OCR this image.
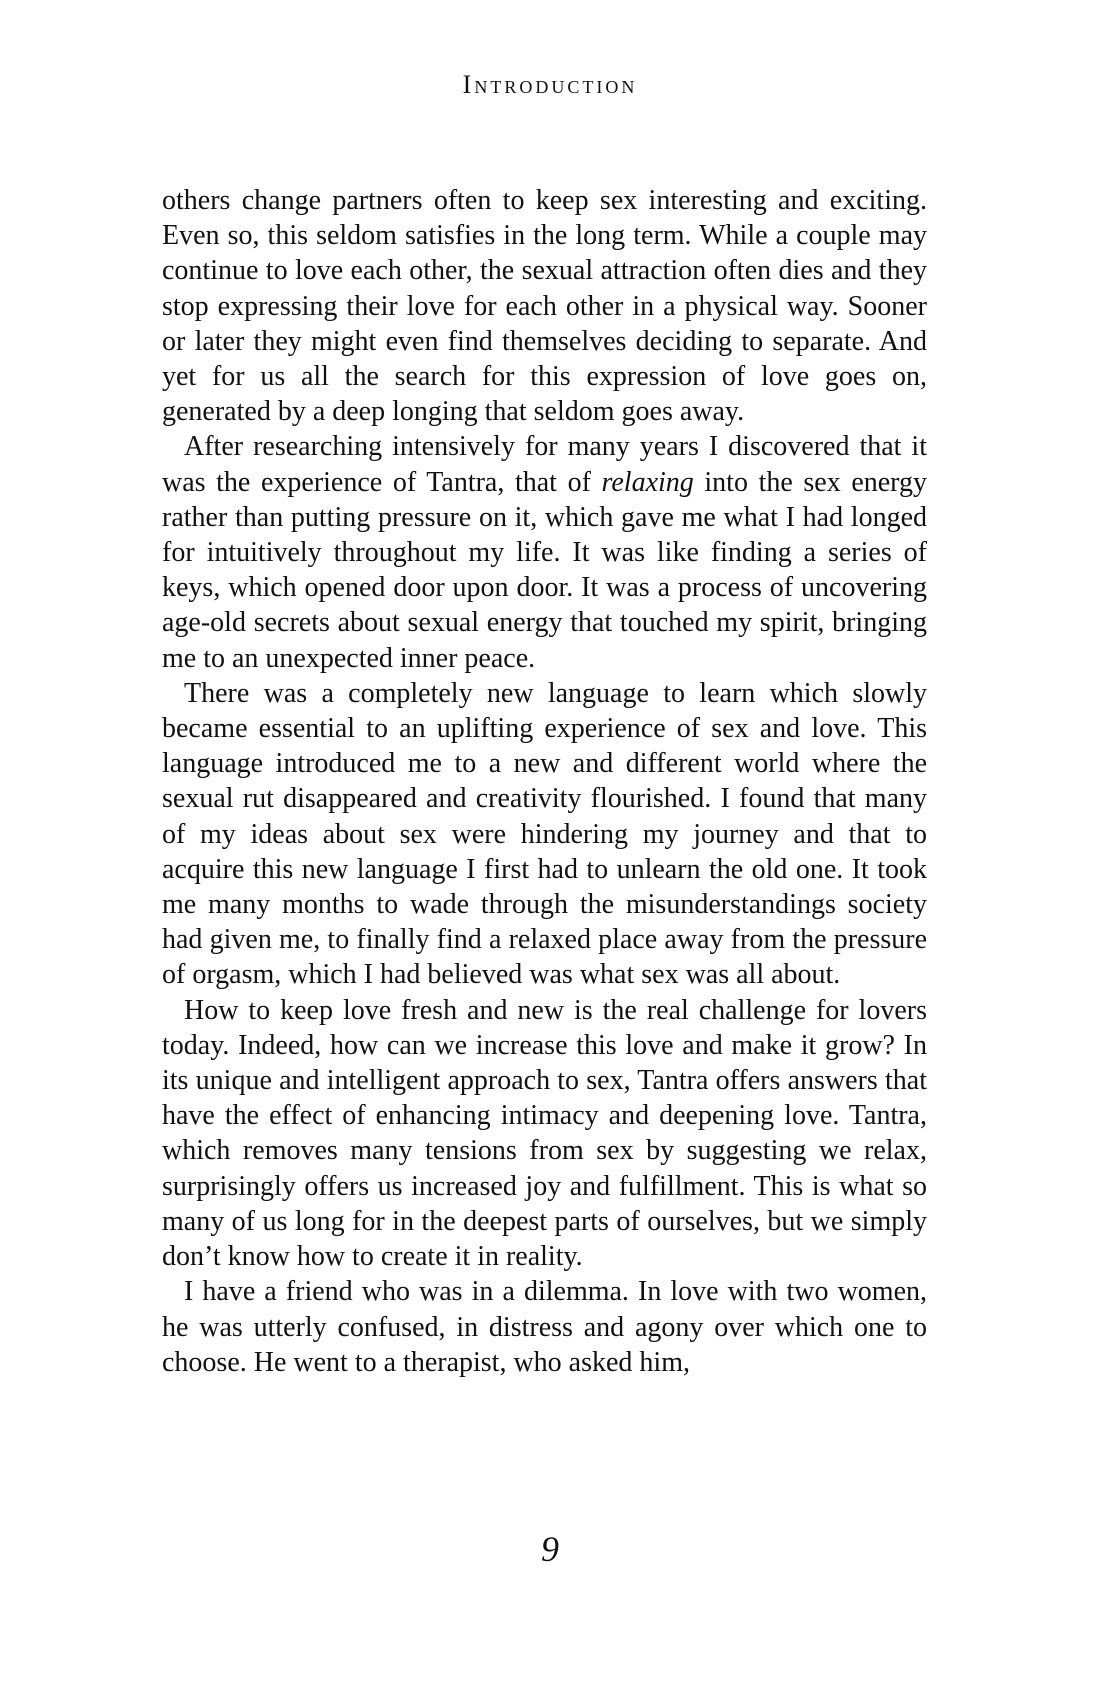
Introduction

others change partners often to keep sex interesting and exciting. Even so, this seldom satisfies in the long term. While a couple may continue to love each other, the sexual attraction often dies and they stop expressing their love for each other in a physical way. Sooner or later they might even find themselves deciding to separate. And yet for us all the search for this expression of love goes on, generated by a deep longing that seldom goes away.

After researching intensively for many years I discovered that it was the experience of Tantra, that of relaxing into the sex energy rather than putting pressure on it, which gave me what I had longed for intuitively throughout my life. It was like finding a series of keys, which opened door upon door. It was a process of uncovering age-old secrets about sexual energy that touched my spirit, bringing me to an unexpected inner peace.

There was a completely new language to learn which slowly became essential to an uplifting experience of sex and love. This language introduced me to a new and different world where the sexual rut disappeared and creativity flourished. I found that many of my ideas about sex were hindering my journey and that to acquire this new language I first had to unlearn the old one. It took me many months to wade through the misunderstandings society had given me, to finally find a relaxed place away from the pressure of orgasm, which I had believed was what sex was all about.

How to keep love fresh and new is the real challenge for lovers today. Indeed, how can we increase this love and make it grow? In its unique and intelligent approach to sex, Tantra offers answers that have the effect of enhancing intimacy and deepening love. Tantra, which removes many tensions from sex by suggesting we relax, surprisingly offers us increased joy and fulfillment. This is what so many of us long for in the deepest parts of ourselves, but we simply don’t know how to create it in reality.

I have a friend who was in a dilemma. In love with two women, he was utterly confused, in distress and agony over which one to choose. He went to a therapist, who asked him,

9
